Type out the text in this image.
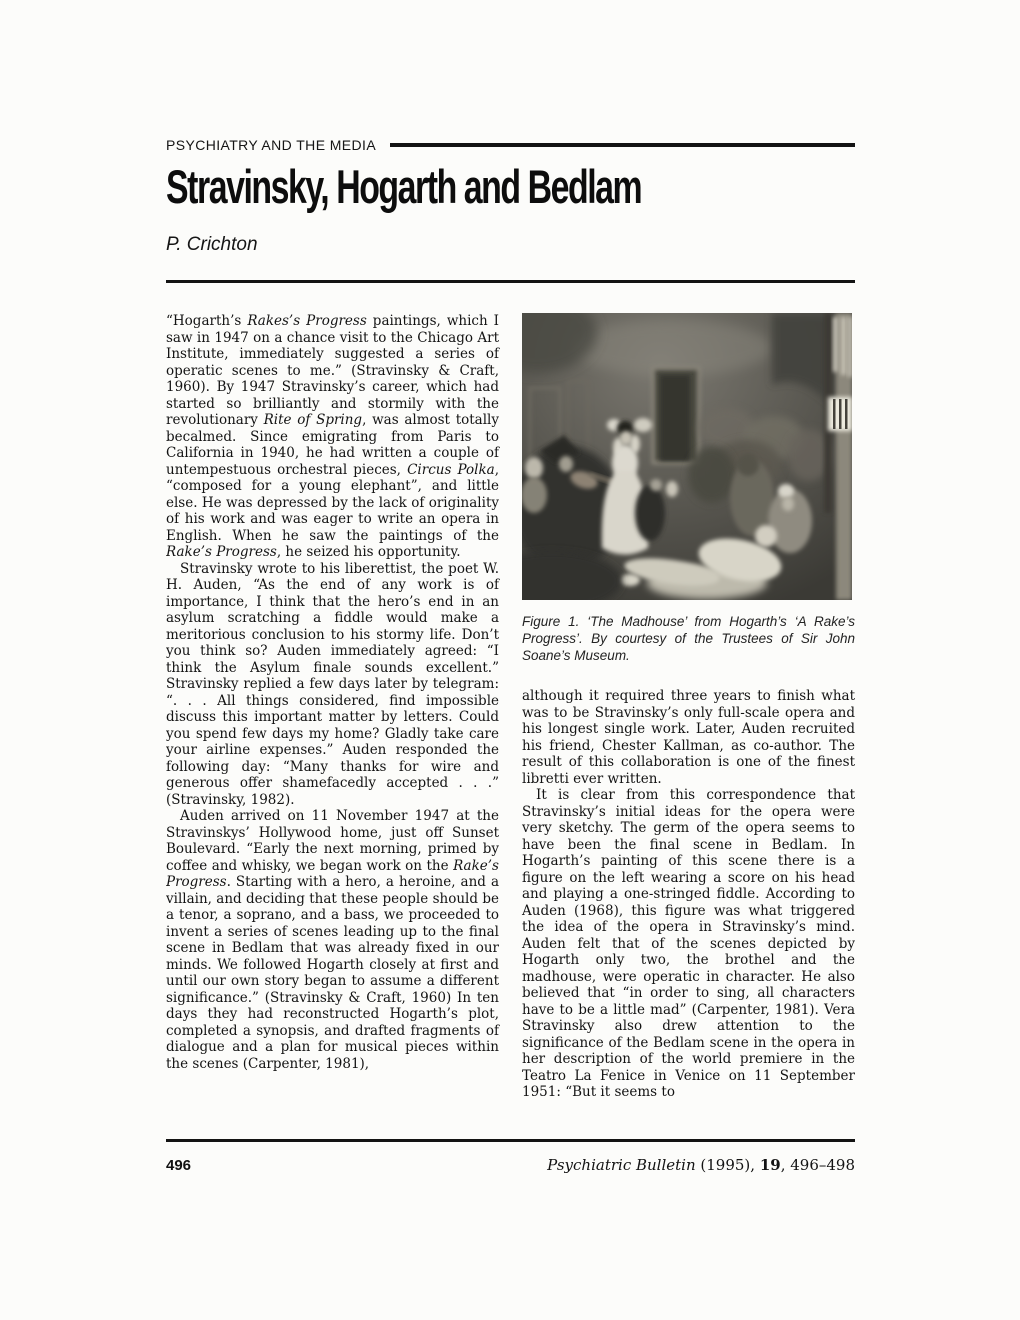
PSYCHIATRY AND THE MEDIA
Stravinsky, Hogarth and Bedlam
P. Crichton

“Hogarth’s Rakes’s Progress paintings, which I saw in 1947 on a chance visit to the Chicago Art Institute, immediately suggested a series of operatic scenes to me.” (Stravinsky & Craft, 1960). By 1947 Stravinsky’s career, which had started so brilliantly and stormily with the revolutionary Rite of Spring, was almost totally becalmed. Since emigrating from Paris to California in 1940, he had written a couple of untempestuous orchestral pieces, Circus Polka, “composed for a young elephant”, and little else. He was depressed by the lack of originality of his work and was eager to write an opera in English. When he saw the paintings of the Rake’s Progress, he seized his opportunity.

Stravinsky wrote to his liberettist, the poet W. H. Auden, “As the end of any work is of importance, I think that the hero’s end in an asylum scratching a fiddle would make a meritorious conclusion to his stormy life. Don’t you think so? Auden immediately agreed: “I think the Asylum finale sounds excellent.” Stravinsky replied a few days later by telegram: “. . . All things considered, find impossible discuss this important matter by letters. Could you spend few days my home? Gladly take care your airline expenses.” Auden responded the following day: “Many thanks for wire and generous offer shamefacedly accepted . . .” (Stravinsky, 1982).

Auden arrived on 11 November 1947 at the Stravinskys’ Hollywood home, just off Sunset Boulevard. “Early the next morning, primed by coffee and whisky, we began work on the Rake’s Progress. Starting with a hero, a heroine, and a villain, and deciding that these people should be a tenor, a soprano, and a bass, we proceeded to invent a series of scenes leading up to the final scene in Bedlam that was already fixed in our minds. We followed Hogarth closely at first and until our own story began to assume a different significance.” (Stravinsky & Craft, 1960) In ten days they had reconstructed Hogarth’s plot, completed a synopsis, and drafted fragments of dialogue and a plan for musical pieces within the scenes (Carpenter, 1981),

Figure 1. ‘The Madhouse’ from Hogarth’s ‘A Rake’s Progress’. By courtesy of the Trustees of Sir John Soane’s Museum.

although it required three years to finish what was to be Stravinsky’s only full-scale opera and his longest single work. Later, Auden recruited his friend, Chester Kallman, as co-author. The result of this collaboration is one of the finest libretti ever written.

It is clear from this correspondence that Stravinsky’s initial ideas for the opera were very sketchy. The germ of the opera seems to have been the final scene in Bedlam. In Hogarth’s painting of this scene there is a figure on the left wearing a score on his head and playing a one-stringed fiddle. According to Auden (1968), this figure was what triggered the idea of the opera in Stravinsky’s mind. Auden felt that of the scenes depicted by Hogarth only two, the brothel and the madhouse, were operatic in character. He also believed that “in order to sing, all characters have to be a little mad” (Carpenter, 1981). Vera Stravinsky also drew attention to the significance of the Bedlam scene in the opera in her description of the world premiere in the Teatro La Fenice in Venice on 11 September 1951: “But it seems to

496	Psychiatric Bulletin (1995), 19, 496–498
